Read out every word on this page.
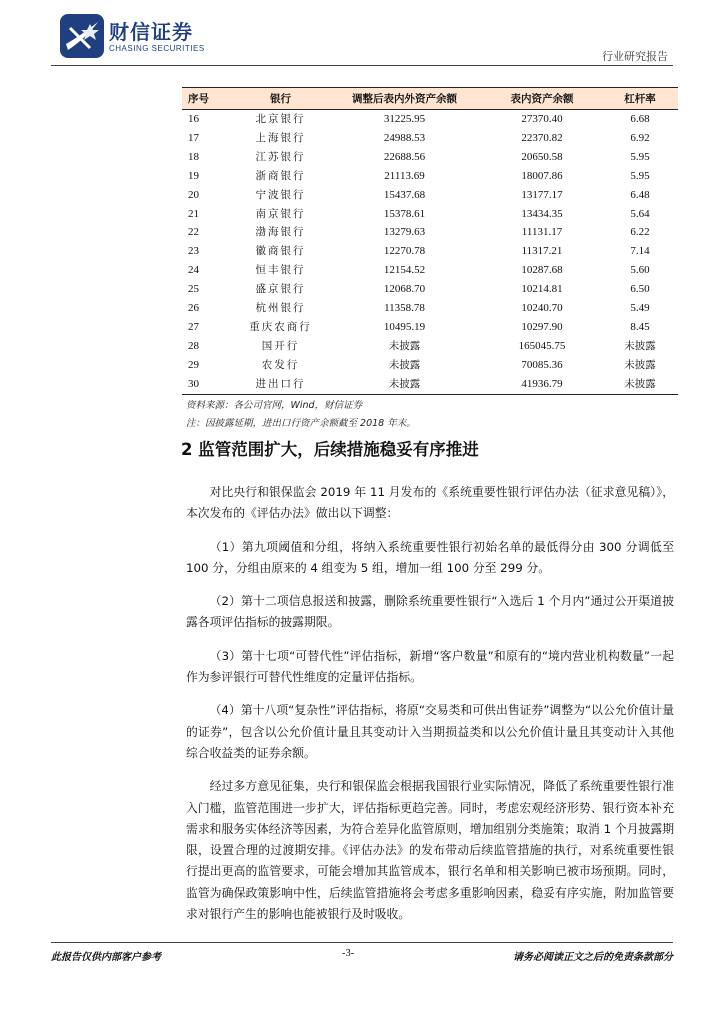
财信证券
CHASING SECURITIES
行业研究报告
序号	银行	调整后表内外资产余额	表内资产余额	杠杆率
16	北京银行	31225.95	27370.40	6.68
17	上海银行	24988.53	22370.82	6.92
18	江苏银行	22688.56	20650.58	5.95
19	浙商银行	21113.69	18007.86	5.95
20	宁波银行	15437.68	13177.17	6.48
21	南京银行	15378.61	13434.35	5.64
22	渤海银行	13279.63	11131.17	6.22
23	徽商银行	12270.78	11317.21	7.14
24	恒丰银行	12154.52	10287.68	5.60
25	盛京银行	12068.70	10214.81	6.50
26	杭州银行	11358.78	10240.70	5.49
27	重庆农商行	10495.19	10297.90	8.45
28	国开行	未披露	165045.75	未披露
29	农发行	未披露	70085.36	未披露
30	进出口行	未披露	41936.79	未披露
资料来源：各公司官网，Wind，财信证券
注：因披露延期，进出口行资产余额截至 2018 年末。
2 监管范围扩大，后续措施稳妥有序推进

对比央行和银保监会 2019 年 11 月发布的《系统重要性银行评估办法（征求意见稿）》，本次发布的《评估办法》做出以下调整：

（1）第九项阈值和分组，将纳入系统重要性银行初始名单的最低得分由 300 分调低至 100 分，分组由原来的 4 组变为 5 组，增加一组 100 分至 299 分。

（2）第十二项信息报送和披露，删除系统重要性银行“入选后 1 个月内”通过公开渠道披露各项评估指标的披露期限。

（3）第十七项“可替代性”评估指标，新增“客户数量”和原有的“境内营业机构数量”一起作为参评银行可替代性维度的定量评估指标。

（4）第十八项“复杂性”评估指标，将原“交易类和可供出售证券”调整为“以公允价值计量的证券”，包含以公允价值计量且其变动计入当期损益类和以公允价值计量且其变动计入其他综合收益类的证券余额。

经过多方意见征集，央行和银保监会根据我国银行业实际情况，降低了系统重要性银行准入门槛，监管范围进一步扩大，评估指标更趋完善。同时，考虑宏观经济形势、银行资本补充需求和服务实体经济等因素，为符合差异化监管原则，增加组别分类施策；取消 1 个月披露期限，设置合理的过渡期安排。《评估办法》的发布带动后续监管措施的执行，对系统重要性银行提出更高的监管要求，可能会增加其监管成本，银行名单和相关影响已被市场预期。同时，监管为确保政策影响中性，后续监管措施将会考虑多重影响因素，稳妥有序实施，附加监管要求对银行产生的影响也能被银行及时吸收。

此报告仅供内部客户参考	-3-	请务必阅读正文之后的免责条款部分
